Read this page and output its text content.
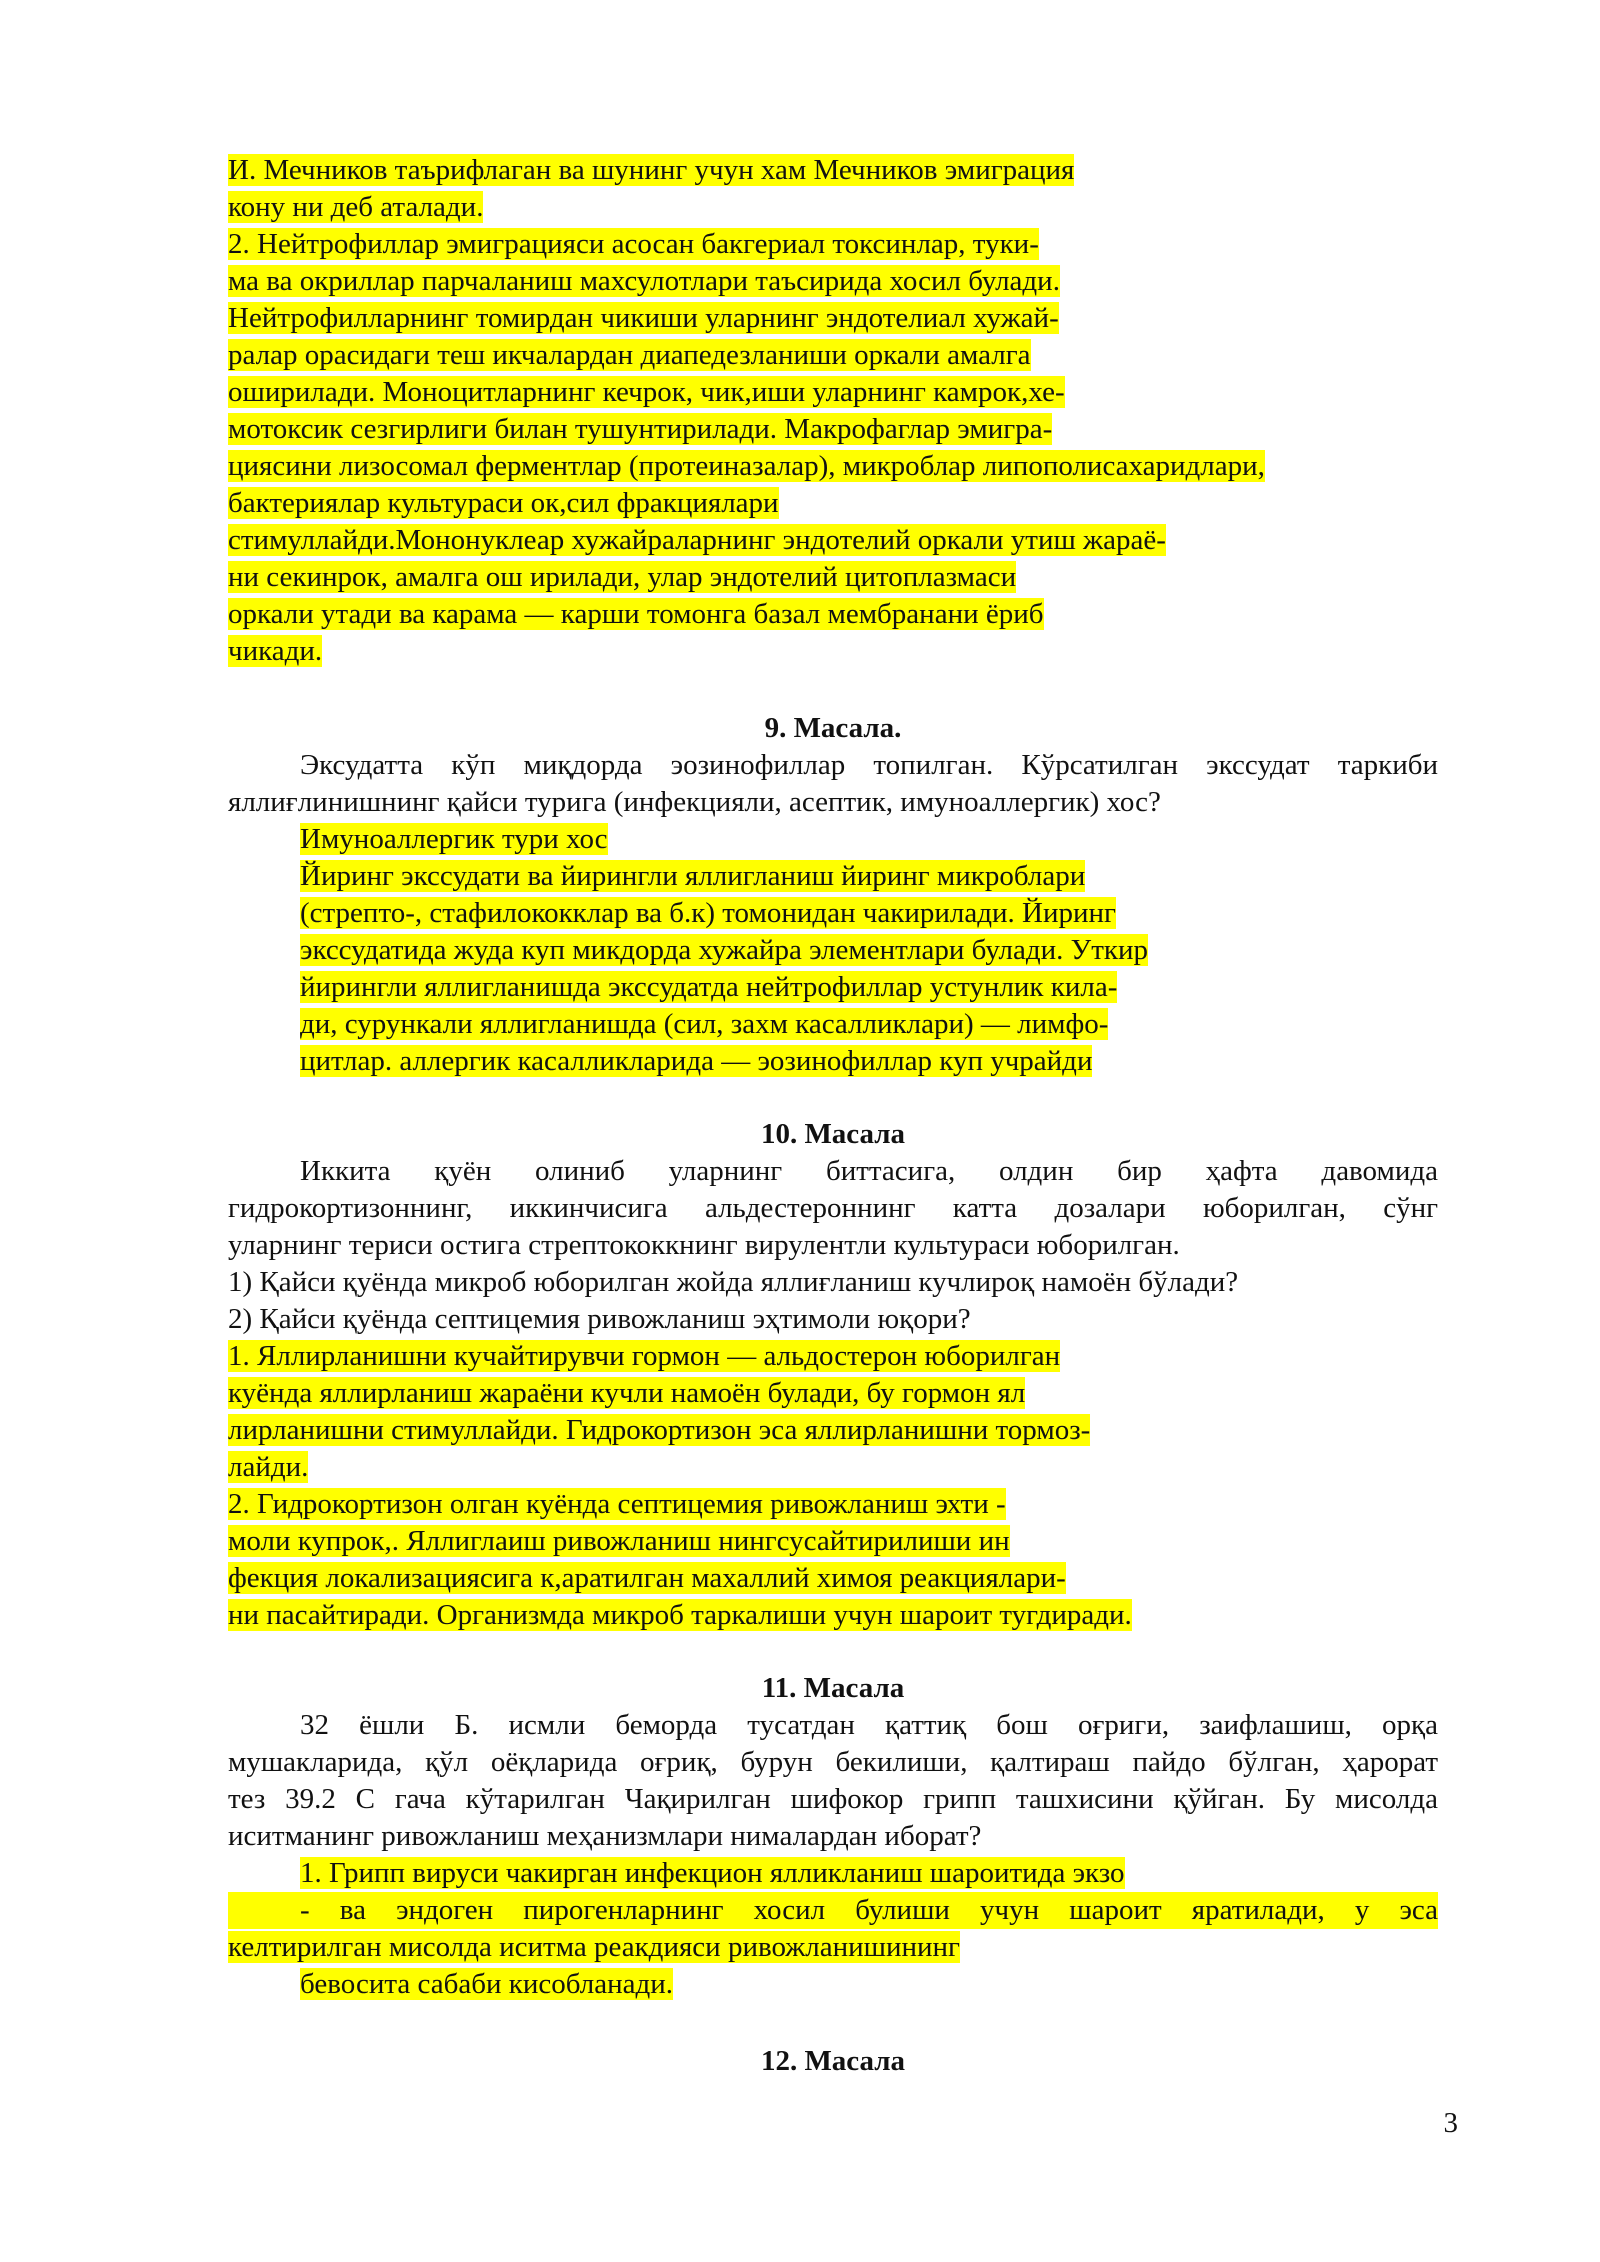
И. Мечников таърифлаган ва шунинг учун хам Мечников эмиграция
кону ни деб аталади.
2. Нейтрофиллар эмиграцияси асосан бакгериал токсинлар, туки-
ма ва окриллар парчаланиш махсулотлари таъсирида хосил булади.
Нейтрофилларнинг томирдан чикиши уларнинг эндотелиал хужай-
ралар орасидаги теш икчалардан диапедезланиши оркали амалга
оширилади. Моноцитларнинг кечрок, чик,иши уларнинг камрок,хе-
мотоксик сезгирлиги билан тушунтирилади. Макрофаглар эмигра-
циясини лизосомал ферментлар (протеиназалар), микроблар липополисахаридлари,
бактериялар культураси ок,сил фракциялари
стимуллайди.Мононуклеар хужайраларнинг эндотелий оркали утиш жараё-
ни секинрок, амалга ош ирилади, улар эндотелий цитоплазмаси
оркали утади ва карама — карши томонга базал мембранани ёриб
чикади.
9. Масала.
Эксудатта кўп миқдорда эозинофиллар топилган. Кўрсатилган экссудат таркиби
яллиғлинишнинг қайси турига (инфекцияли, асептик, имуноаллергик) хос?
Имуноаллергик тури хос
Йиринг экссудати ва йирингли яллигланиш йиринг микроблари
(стрепто-, стафилококклар ва б.к) томонидан чакирилади. Йиринг
экссудатида жуда куп микдорда хужайра элементлари булади. Уткир
йирингли яллигланишда экссудатда нейтрофиллар устунлик кила-
ди, сурункали яллигланишда (сил, захм касалликлари) — лимфо-
цитлар. аллергик касалликларида — эозинофиллар куп учрайди
10. Масала
Иккита қуён олиниб уларнинг биттасига, олдин бир ҳафта давомида
гидрокортизоннинг, иккинчисига альдестероннинг катта дозалари юборилган, сўнг
уларнинг териси остига стрептококкнинг вирулентли культураси юборилган.
1) Қайси қуёнда микроб юборилган жойда яллиғланиш кучлироқ намоён бўлади?
2) Қайси қуёнда септицемия ривожланиш эҳтимоли юқори?
1. Яллирланишни кучайтирувчи гормон — альдостерон юборилган
куёнда яллирланиш жараёни кучли намоён булади, бу гормон ял
лирланишни стимуллайди. Гидрокортизон эса яллирланишни тормоз-
лайди.
2. Гидрокортизон олган куёнда септицемия ривожланиш эхти -
моли купрок,. Яллиглаиш ривожланиш нингсусайтирилиши ин
фекция локализациясига к,аратилган махаллий химоя реакциялари-
ни пасайтиради. Организмда микроб таркалиши учун шароит тугдиради.
11. Масала
32 ёшли Б. исмли беморда тусатдан қаттиқ бош оғриги, заифлашиш, орқа
мушакларида, қўл оёқларида оғриқ, бурун бекилиши, қалтираш пайдо бўлган, ҳарорат
тез 39.2 С гача кўтарилган Чақирилган шифокор грипп ташхисини қўйган. Бу мисолда
иситманинг ривожланиш меҳанизмлари нималардан иборат?
1. Грипп вируси чакирган инфекцион ялликланиш шароитида экзо
- ва эндоген пирогенларнинг хосил булиши учун шароит яратилади, у эса
келтирилган мисолда иситма реакдияси ривожланишининг
бевосита сабаби кисобланади.
12. Масала
3
